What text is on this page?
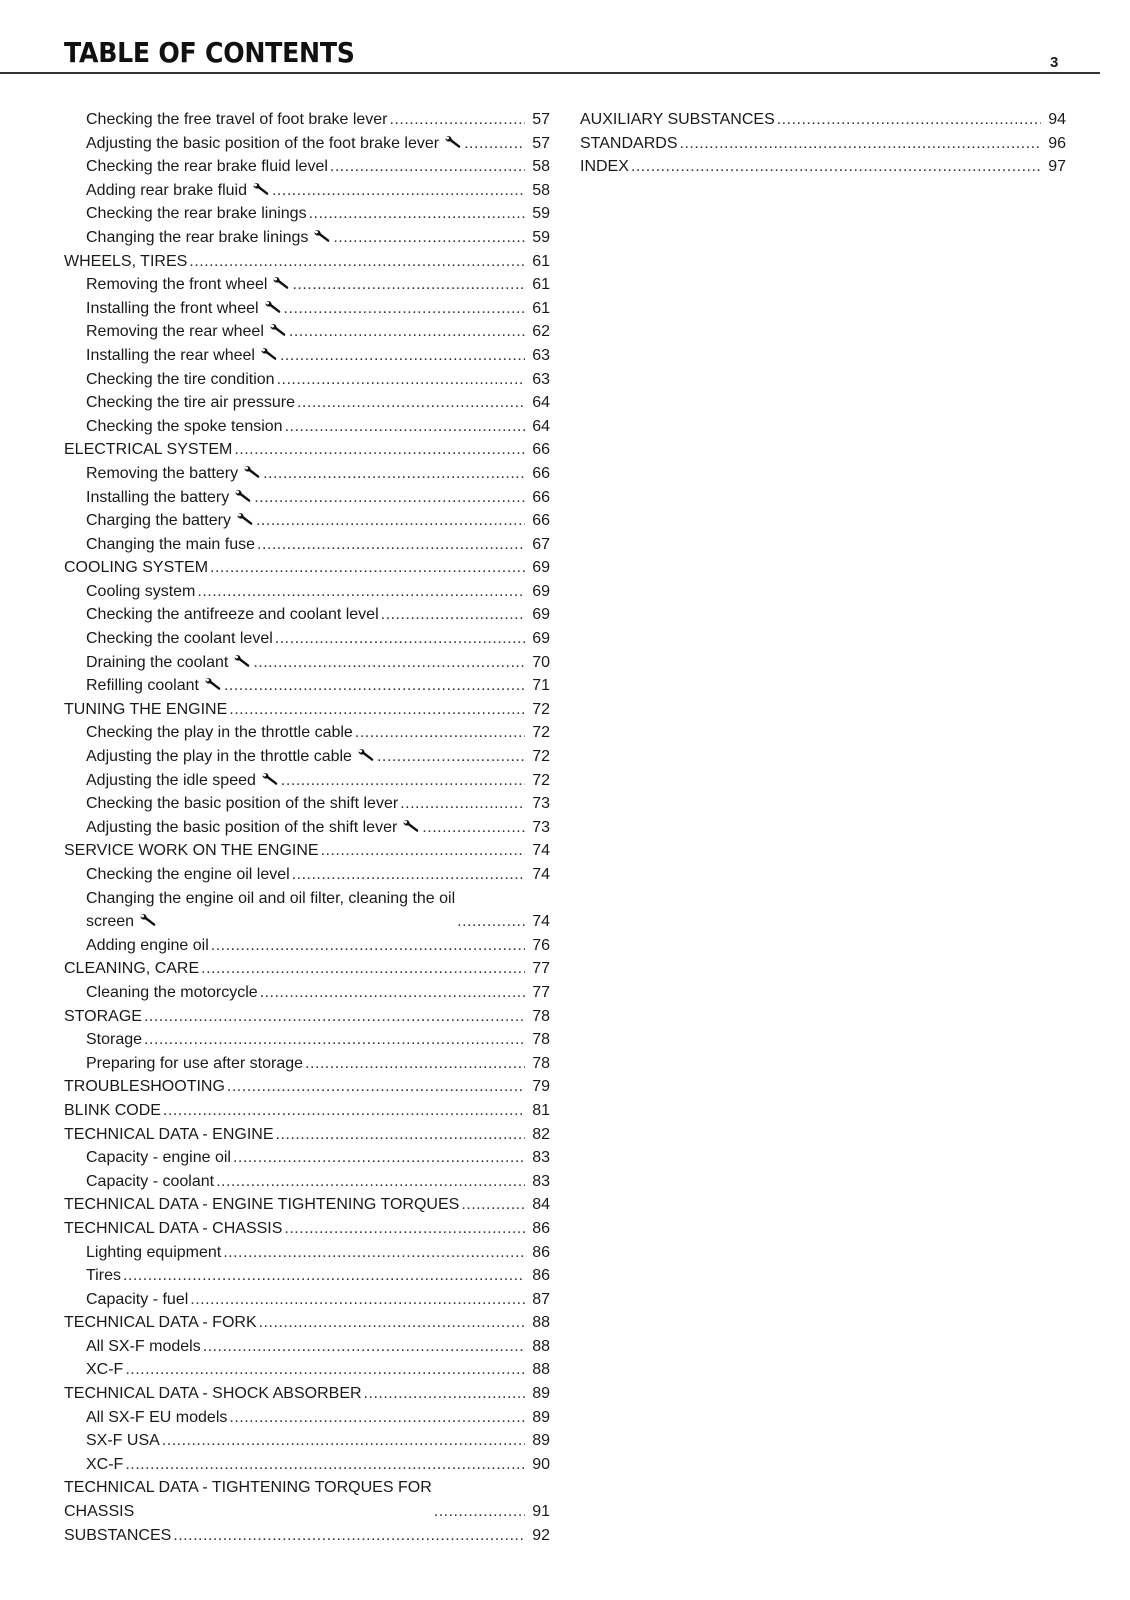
TABLE OF CONTENTS	3
Checking the free travel of foot brake lever .....	57
Adjusting the basic position of the foot brake lever .....	57
Checking the rear brake fluid level .....	58
Adding rear brake fluid .....	58
Checking the rear brake linings .....	59
Changing the rear brake linings .....	59
WHEELS, TIRES .....	61
Removing the front wheel .....	61
Installing the front wheel .....	61
Removing the rear wheel .....	62
Installing the rear wheel .....	63
Checking the tire condition .....	63
Checking the tire air pressure .....	64
Checking the spoke tension .....	64
ELECTRICAL SYSTEM .....	66
Removing the battery .....	66
Installing the battery .....	66
Charging the battery .....	66
Changing the main fuse .....	67
COOLING SYSTEM .....	69
Cooling system .....	69
Checking the antifreeze and coolant level .....	69
Checking the coolant level .....	69
Draining the coolant .....	70
Refilling coolant .....	71
TUNING THE ENGINE .....	72
Checking the play in the throttle cable .....	72
Adjusting the play in the throttle cable .....	72
Adjusting the idle speed .....	72
Checking the basic position of the shift lever .....	73
Adjusting the basic position of the shift lever .....	73
SERVICE WORK ON THE ENGINE .....	74
Checking the engine oil level .....	74
Changing the engine oil and oil filter, cleaning the oil
screen .....	74
Adding engine oil .....	76
CLEANING, CARE .....	77
Cleaning the motorcycle .....	77
STORAGE .....	78
Storage .....	78
Preparing for use after storage .....	78
TROUBLESHOOTING .....	79
BLINK CODE .....	81
TECHNICAL DATA - ENGINE .....	82
Capacity - engine oil .....	83
Capacity - coolant .....	83
TECHNICAL DATA - ENGINE TIGHTENING TORQUES .....	84
TECHNICAL DATA - CHASSIS .....	86
Lighting equipment .....	86
Tires .....	86
Capacity - fuel .....	87
TECHNICAL DATA - FORK .....	88
All SX-F models .....	88
XC-F .....	88
TECHNICAL DATA - SHOCK ABSORBER .....	89
All SX-F EU models .....	89
SX-F USA .....	89
XC-F .....	90
TECHNICAL DATA - TIGHTENING TORQUES FOR
CHASSIS .....	91
SUBSTANCES .....	92
AUXILIARY SUBSTANCES .....	94
STANDARDS .....	96
INDEX .....	97
